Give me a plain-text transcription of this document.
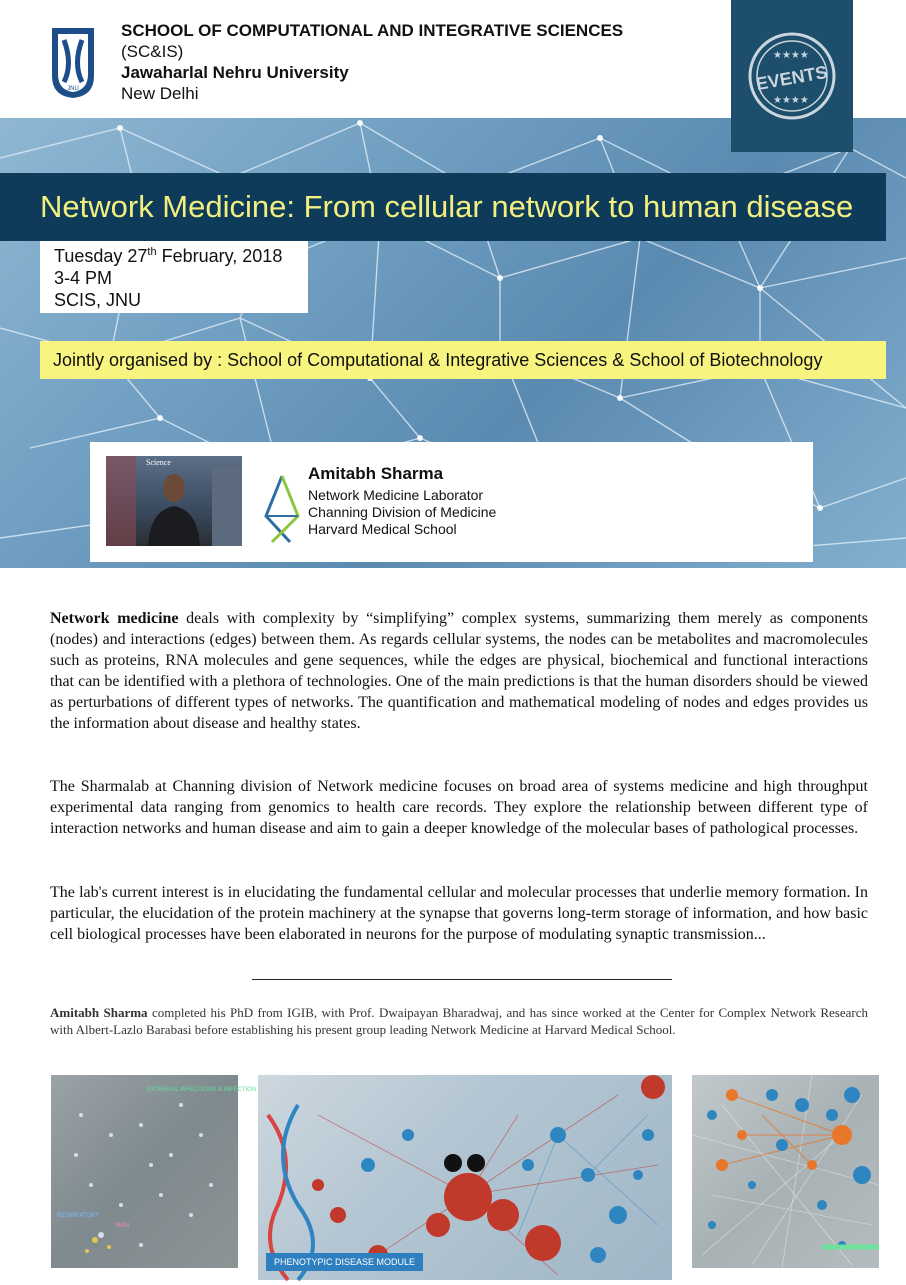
JNU
SCHOOL OF COMPUTATIONAL AND INTEGRATIVE SCIENCES
(SC&IS)
Jawaharlal Nehru University
New Delhi
★★★★
★★★★
EVENTS
Network Medicine: From cellular network to human disease
Tuesday 27th February, 2018
3-4 PM
SCIS, JNU
Jointly organised by : School of Computational & Integrative Sciences & School of Biotechnology
Science
Amitabh Sharma
Network Medicine Laborator
Channing Division of Medicine
Harvard Medical School
Network medicine deals with complexity by “simplifying” complex systems, summarizing them merely as components (nodes) and interactions (edges) between them. As regards cellular systems, the nodes can be metabolites and macromolecules such as proteins, RNA molecules and gene sequences, while the edges are physical, biochemical and functional interactions that can be identified with a plethora of technologies. One of the main predictions is that the human disorders should be viewed as perturbations of different types of networks. The quantification and mathematical modeling of nodes and edges provides us the information about disease and healthy states.
The Sharmalab at Channing division of Network medicine focuses on broad area of systems medicine and high throughput experimental data ranging from genomics to health care records. They explore the relationship between different type of interaction networks and human disease and aim to gain a deeper knowledge of the molecular bases of pathological processes.
The lab's current interest is in elucidating the fundamental cellular and molecular processes that underlie memory formation. In particular, the elucidation of the protein machinery at the synapse that governs long-term storage of information, and how basic cell biological processes have been elaborated in neurons for the purpose of modulating synaptic transmission...
Amitabh Sharma completed his PhD from IGIB, with Prof. Dwaipayan Bharadwaj, and has since worked at the Center for Complex Network Research with Albert-Lazlo Barabasi before establishing his present group leading Network Medicine at Harvard Medical School.
EXTERNAL INFECTIONS & INFECTION
RESPIRATORY
SKIN
PHENOTYPIC DISEASE MODULE
